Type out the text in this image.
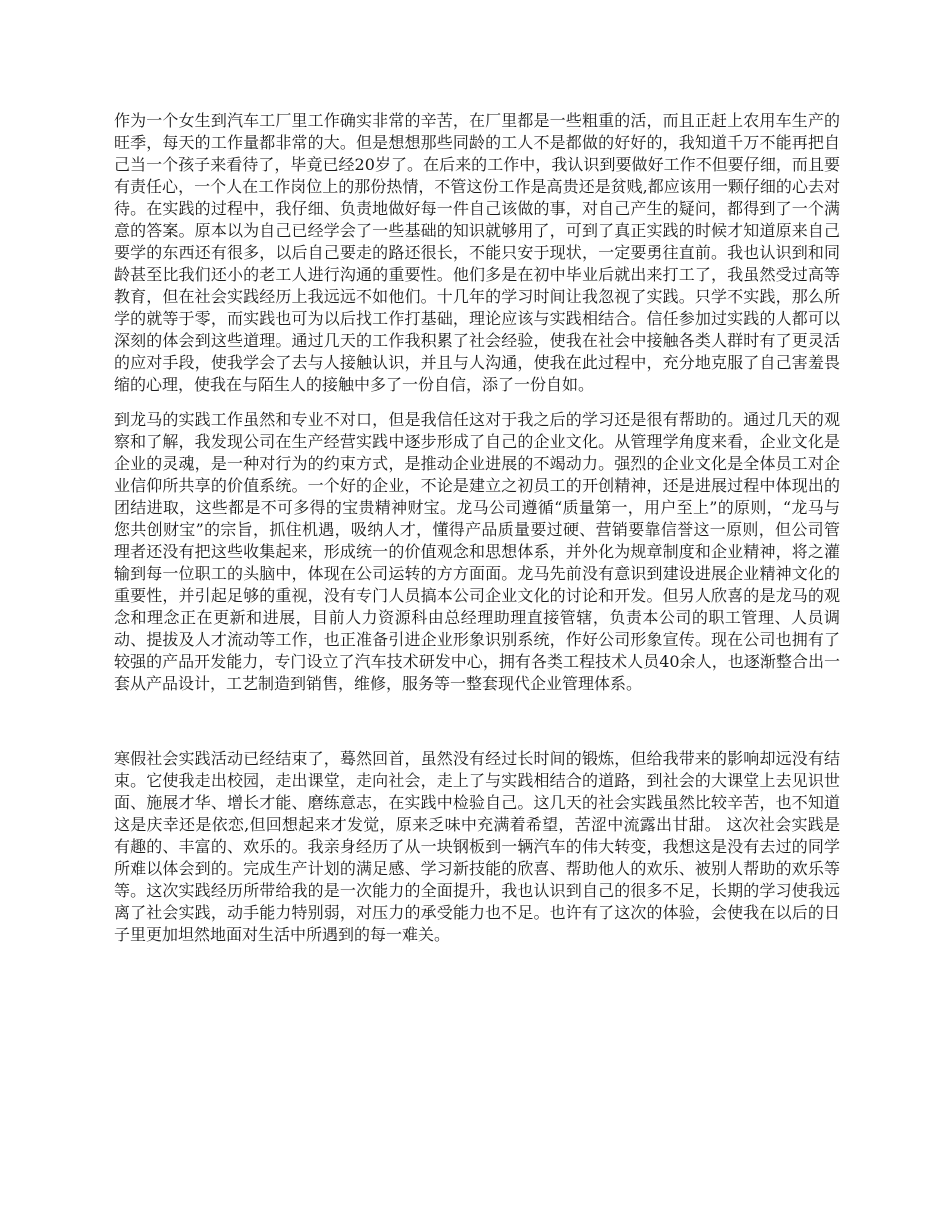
作为一个女生到汽车工厂里工作确实非常的辛苦，在厂里都是一些粗重的活，而且正赶上农用车生产的旺季，每天的工作量都非常的大。但是想想那些同龄的工人不是都做的好好的，我知道千万不能再把自己当一个孩子来看待了，毕竟已经20岁了。在后来的工作中，我认识到要做好工作不但要仔细，而且要有责任心，一个人在工作岗位上的那份热情，不管这份工作是高贵还是贫贱,都应该用一颗仔细的心去对待。在实践的过程中，我仔细、负责地做好每一件自己该做的事，对自己产生的疑问，都得到了一个满意的答案。原本以为自己已经学会了一些基础的知识就够用了，可到了真正实践的时候才知道原来自己要学的东西还有很多，以后自己要走的路还很长，不能只安于现状，一定要勇往直前。我也认识到和同龄甚至比我们还小的老工人进行沟通的重要性。他们多是在初中毕业后就出来打工了，我虽然受过高等教育，但在社会实践经历上我远远不如他们。十几年的学习时间让我忽视了实践。只学不实践，那么所学的就等于零，而实践也可为以后找工作打基础，理论应该与实践相结合。信任参加过实践的人都可以深刻的体会到这些道理。通过几天的工作我积累了社会经验，使我在社会中接触各类人群时有了更灵活的应对手段，使我学会了去与人接触认识，并且与人沟通，使我在此过程中，充分地克服了自己害羞畏缩的心理，使我在与陌生人的接触中多了一份自信，添了一份自如。

到龙马的实践工作虽然和专业不对口，但是我信任这对于我之后的学习还是很有帮助的。通过几天的观察和了解，我发现公司在生产经营实践中逐步形成了自己的企业文化。从管理学角度来看，企业文化是企业的灵魂，是一种对行为的约束方式，是推动企业进展的不竭动力。强烈的企业文化是全体员工对企业信仰所共享的价值系统。一个好的企业，不论是建立之初员工的开创精神，还是进展过程中体现出的团结进取，这些都是不可多得的宝贵精神财宝。龙马公司遵循“质量第一，用户至上”的原则，“龙马与您共创财宝”的宗旨，抓住机遇，吸纳人才，懂得产品质量要过硬、营销要靠信誉这一原则，但公司管理者还没有把这些收集起来，形成统一的价值观念和思想体系，并外化为规章制度和企业精神，将之灌输到每一位职工的头脑中，体现在公司运转的方方面面。龙马先前没有意识到建设进展企业精神文化的重要性，并引起足够的重视，没有专门人员搞本公司企业文化的讨论和开发。但另人欣喜的是龙马的观念和理念正在更新和进展，目前人力资源科由总经理助理直接管辖，负责本公司的职工管理、人员调动、提拔及人才流动等工作，也正准备引进企业形象识别系统，作好公司形象宣传。现在公司也拥有了较强的产品开发能力，专门设立了汽车技术研发中心，拥有各类工程技术人员40余人，也逐渐整合出一套从产品设计，工艺制造到销售，维修，服务等一整套现代企业管理体系。

寒假社会实践活动已经结束了，蓦然回首，虽然没有经过长时间的锻炼，但给我带来的影响却远没有结束。它使我走出校园，走出课堂，走向社会，走上了与实践相结合的道路，到社会的大课堂上去见识世面、施展才华、增长才能、磨练意志，在实践中检验自己。这几天的社会实践虽然比较辛苦，也不知道这是庆幸还是依恋,但回想起来才发觉，原来乏味中充满着希望，苦涩中流露出甘甜。 这次社会实践是有趣的、丰富的、欢乐的。我亲身经历了从一块钢板到一辆汽车的伟大转变，我想这是没有去过的同学所难以体会到的。完成生产计划的满足感、学习新技能的欣喜、帮助他人的欢乐、被别人帮助的欢乐等等。这次实践经历所带给我的是一次能力的全面提升，我也认识到自己的很多不足，长期的学习使我远离了社会实践，动手能力特别弱，对压力的承受能力也不足。也许有了这次的体验，会使我在以后的日子里更加坦然地面对生活中所遇到的每一难关。
